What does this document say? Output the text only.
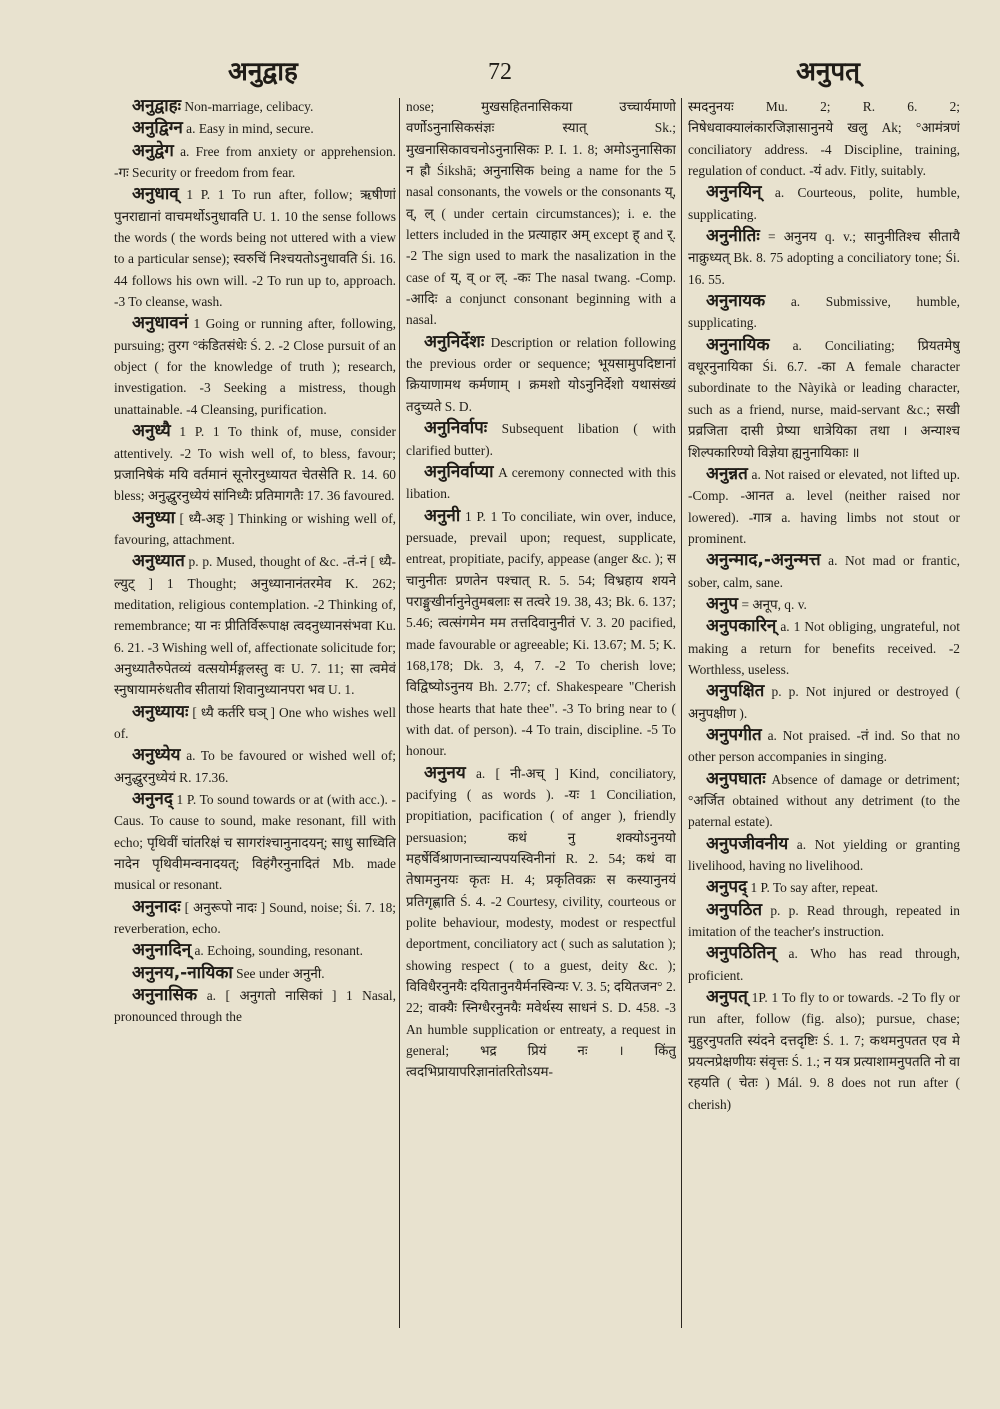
अनुद्वाह	72	अनुपत्

अनुद्वाहः Non-marriage, celibacy.

अनुद्विग्न a. Easy in mind, secure.

अनुद्वेग a. Free from anxiety or apprehension. -गः Security or freedom from fear.

अनुधाव् 1 P. 1 To run after, follow; ऋषीणां पुनराद्यानां वाचमर्थोऽनुधावति U. 1. 10 the sense follows the words ( the words being not uttered with a view to a particular sense); स्वरुचिं निश्चयतोऽनुधावति Śi. 16. 44 follows his own will. -2 To run up to, approach. -3 To cleanse, wash.

अनुधावनं 1 Going or running after, following, pursuing; तुरग °कंडितसंधेः Ś. 2. -2 Close pursuit of an object ( for the knowledge of truth ); research, investigation. -3 Seeking a mistress, though unattainable. -4 Cleansing, purification.

अनुध्यै 1 P. 1 To think of, muse, consider attentively. -2 To wish well of, to bless, favour; प्रजानिषेकं मयि वर्तमानं सूनोरनुध्यायत चेतसेति R. 14. 60 bless; अनुद्धुरनुध्येयं सांनिध्यैः प्रतिमागतैः 17. 36 favoured.

अनुध्या [ ध्यै-अङ् ] Thinking or wishing well of, favouring, attachment.

अनुध्यात p. p. Mused, thought of &c. -तं-नं [ ध्यै-ल्युट् ] 1 Thought; अनुध्यानानंतरमेव K. 262; meditation, religious contemplation. -2 Thinking of, remembrance; या नः प्रीतिर्विरूपाक्ष त्वदनुध्यानसंभवा Ku. 6. 21. -3 Wishing well of, affectionate solicitude for; अनुध्यातैरुपेतव्यं वत्सयोर्मङ्गलस्तु वः U. 7. 11; सा त्वमेवं स्नुषायामरुंधतीव सीतायां शिवानुध्यानपरा भव U. 1.

अनुध्यायः [ ध्यै कर्तरि घञ् ] One who wishes well of.

अनुध्येय a. To be favoured or wished well of; अनुद्धुरनुध्येयं R. 17.36.

अनुनद् 1 P. To sound towards or at (with acc.). -Caus. To cause to sound, make resonant, fill with echo; पृथिवीं चांतरिक्षं च सागरांश्चानुनादयन्; साधु साध्विति नादेन पृथिवीमन्वनादयत्; विहंगैरनुनादितं Mb. made musical or resonant.

अनुनादः [ अनुरूपो नादः ] Sound, noise; Śi. 7. 18; reverberation, echo.

अनुनादिन् a. Echoing, sounding, resonant.

अनुनय,-नायिका See under अनुनी.

अनुनासिक a. [ अनुगतो नासिकां ] 1 Nasal, pronounced through the

nose; मुखसहितनासिकया उच्चार्यमाणो वर्णोऽनुनासिकसंज्ञः स्यात् Sk.; मुखनासिकावचनोऽनुनासिकः P. I. 1. 8; अमोऽनुनासिका न ह्रौ Śikshā; अनुनासिक being a name for the 5 nasal consonants, the vowels or the consonants य्, व्, ल् ( under certain circumstances); i. e. the letters included in the प्रत्याहार अम् except ह् and र्. -2 The sign used to mark the nasalization in the case of य्, व् or ल्. -कः The nasal twang. -Comp. -आदिः a conjunct consonant beginning with a nasal.

अनुनिर्देशः Description or relation following the previous order or sequence; भूयसामुपदिष्टानां क्रियाणामथ कर्मणाम् । क्रमशो योऽनुनिर्देशो यथासंख्यं तदुच्यते S. D.

अनुनिर्वापः Subsequent libation ( with clarified butter).

अनुनिर्वाप्या A ceremony connected with this libation.

अनुनी 1 P. 1 To conciliate, win over, induce, persuade, prevail upon; request, supplicate, entreat, propitiate, pacify, appease (anger &c. ); स चानुनीतः प्रणतेन पश्चात् R. 5. 54; विभ्रहाय शयने पराङ्मुखीर्नानुनेतुमबलाः स तत्वरे 19. 38, 43; Bk. 6. 137; 5.46; त्वत्संगमेन मम तत्तदिवानुनीतं V. 3. 20 pacified, made favourable or agreeable; Ki. 13.67; M. 5; K. 168,178; Dk. 3, 4, 7. -2 To cherish love; विद्विष्योऽनुनय Bh. 2.77; cf. Shakespeare "Cherish those hearts that hate thee". -3 To bring near to ( with dat. of person). -4 To train, discipline. -5 To honour.

अनुनय a. [ नी-अच् ] Kind, conciliatory, pacifying ( as words ). -यः 1 Conciliation, propitiation, pacification ( of anger ), friendly persuasion; कथं नु शक्योऽनुनयो महर्षेर्विश्राणनाच्चान्यपयस्विनीनां R. 2. 54; कथं वा तेषामनुनयः कृतः H. 4; प्रकृतिवक्रः स कस्यानुनयं प्रतिगृह्णाति Ś. 4. -2 Courtesy, civility, courteous or polite behaviour, modesty, modest or respectful deportment, conciliatory act ( such as salutation ); showing respect ( to a guest, deity &c. ); विविधैरनुनयैः दयितानुनयैर्मनस्विन्यः V. 3. 5; दयितजन° 2. 22; वाक्यैः स्निग्धैरनुनयैः मवेर्थस्य साधनं S. D. 458. -3 An humble supplication or entreaty, a request in general; भद्र प्रियं नः । किंतु त्वदभिप्रायापरिज्ञानांतरितोऽयम-

स्मदनुनयः Mu. 2; R. 6. 2; निषेधवाक्यालंकारजिज्ञासानुनये खलु Ak; °आमंत्रणं conciliatory address. -4 Discipline, training, regulation of conduct. -यं adv. Fitly, suitably.

अनुनयिन् a. Courteous, polite, humble, supplicating.

अनुनीतिः = अनुनय q. v.; सानुनीतिश्च सीतायै नाक्रुध्यत् Bk. 8. 75 adopting a conciliatory tone; Śi. 16. 55.

अनुनायक a. Submissive, humble, supplicating.

अनुनायिक a. Conciliating; प्रियतमेषु वधूरनुनायिका Śi. 6.7. -का A female character subordinate to the Nàyikà or leading character, such as a friend, nurse, maid-servant &c.; सखी प्रव्रजिता दासी प्रेष्या धात्रेयिका तथा । अन्याश्च शिल्पकारिण्यो विज्ञेया ह्यनुनायिकाः ॥

अनुन्नत a. Not raised or elevated, not lifted up. -Comp. -आनत a. level (neither raised nor lowered). -गात्र a. having limbs not stout or prominent.

अनुन्माद,-अनुन्मत्त a. Not mad or frantic, sober, calm, sane.

अनुप = अनूप, q. v.

अनुपकारिन् a. 1 Not obliging, ungrateful, not making a return for benefits received. -2 Worthless, useless.

अनुपक्षित p. p. Not injured or destroyed ( अनुपक्षीण ).

अनुपगीत a. Not praised. -तं ind. So that no other person accompanies in singing.

अनुपघातः Absence of damage or detriment; °अर्जित obtained without any detriment (to the paternal estate).

अनुपजीवनीय a. Not yielding or granting livelihood, having no livelihood.

अनुपद् 1 P. To say after, repeat.

अनुपठित p. p. Read through, repeated in imitation of the teacher's instruction.

अनुपठितिन् a. Who has read through, proficient.

अनुपत् 1P. 1 To fly to or towards. -2 To fly or run after, follow (fig. also); pursue, chase; मुहुरनुपतति स्यंदने दत्तदृष्टिः Ś. 1. 7; कथमनुपतत एव मे प्रयत्नप्रेक्षणीयः संवृत्तः Ś. 1.; न यत्र प्रत्याशामनुपतति नो वा रहयति ( चेतः ) Mál. 9. 8 does not run after ( cherish)
